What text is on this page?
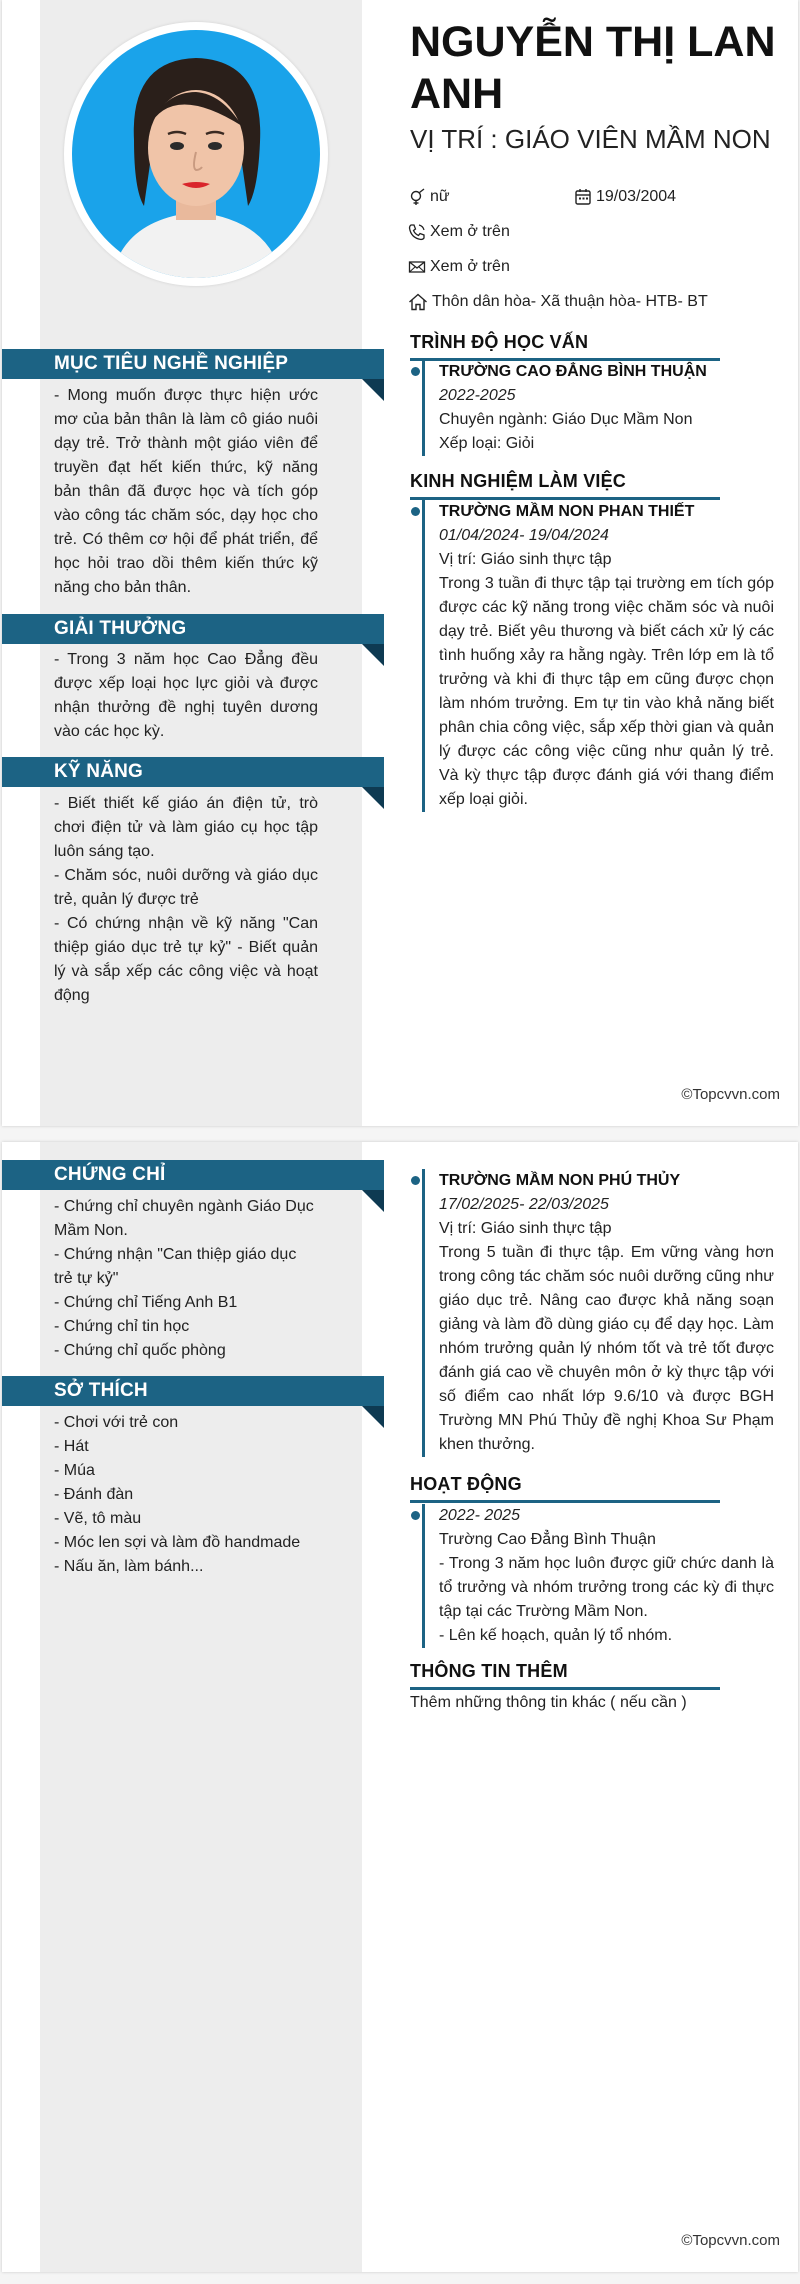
NGUYỄN THỊ LAN ANH
VỊ TRÍ : GIÁO VIÊN MẦM NON
nữ	19/03/2004
Xem ở trên
Xem ở trên
Thôn dân hòa- Xã thuận hòa- HTB- BT
MỤC TIÊU NGHỀ NGHIỆP
- Mong muốn được thực hiện ước mơ của bản thân là làm cô giáo nuôi dạy trẻ. Trở thành một giáo viên để truyền đạt hết kiến thức, kỹ năng bản thân đã được học và tích góp vào công tác chăm sóc, dạy học cho trẻ. Có thêm cơ hội để phát triển, để học hỏi trao dồi thêm kiến thức kỹ năng cho bản thân.
GIẢI THƯỞNG
- Trong 3 năm học Cao Đẳng đều được xếp loại học lực giỏi và được nhận thưởng đề nghị tuyên dương vào các học kỳ.
KỸ NĂNG
- Biết thiết kế giáo án điện tử, trò chơi điện tử và làm giáo cụ học tập luôn sáng tạo.
- Chăm sóc, nuôi dưỡng và giáo dục trẻ, quản lý được trẻ
- Có chứng nhận về kỹ năng "Can thiệp giáo dục trẻ tự kỷ" - Biết quản lý và sắp xếp các công việc và hoạt động
TRÌNH ĐỘ HỌC VẤN
TRƯỜNG CAO ĐẲNG BÌNH THUẬN
2022-2025
Chuyên ngành: Giáo Dục Mầm Non
Xếp loại: Giỏi
KINH NGHIỆM LÀM VIỆC
TRƯỜNG MẦM NON PHAN THIẾT
01/04/2024- 19/04/2024
Vị trí: Giáo sinh thực tập
Trong 3 tuần đi thực tập tại trường em tích góp được các kỹ năng trong việc chăm sóc và nuôi dạy trẻ. Biết yêu thương và biết cách xử lý các tình huống xảy ra hằng ngày. Trên lớp em là tổ trưởng và khi đi thực tập em cũng được chọn làm nhóm trưởng. Em tự tin vào khả năng biết phân chia công việc, sắp xếp thời gian và quản lý được các công việc cũng như quản lý trẻ. Và kỳ thực tập được đánh giá với thang điểm xếp loại giỏi.
©Topcvvn.com
CHỨNG CHỈ
- Chứng chỉ chuyên ngành Giáo Dục Mầm Non.
- Chứng nhận "Can thiệp giáo dục trẻ tự kỷ"
- Chứng chỉ Tiếng Anh B1
- Chứng chỉ tin học
- Chứng chỉ quốc phòng
SỞ THÍCH
- Chơi với trẻ con
- Hát
- Múa
- Đánh đàn
- Vẽ, tô màu
- Móc len sợi và làm đồ handmade
- Nấu ăn, làm bánh...
TRƯỜNG MẦM NON PHÚ THỦY
17/02/2025- 22/03/2025
Vị trí: Giáo sinh thực tập
Trong 5 tuần đi thực tập. Em vững vàng hơn trong công tác chăm sóc nuôi dưỡng cũng như giáo dục trẻ. Nâng cao được khả năng soạn giảng và làm đồ dùng giáo cụ để dạy học. Làm nhóm trưởng quản lý nhóm tốt và trẻ tốt được đánh giá cao về chuyên môn ở kỳ thực tập với số điểm cao nhất lớp 9.6/10 và được BGH Trường MN Phú Thủy đề nghị Khoa Sư Phạm khen thưởng.
HOẠT ĐỘNG
2022- 2025
Trường Cao Đẳng Bình Thuận
- Trong 3 năm học luôn được giữ chức danh là tổ trưởng và nhóm trưởng trong các kỳ đi thực tập tại các Trường Mầm Non.
- Lên kế hoạch, quản lý tổ nhóm.
THÔNG TIN THÊM
Thêm những thông tin khác ( nếu cần )
©Topcvvn.com
